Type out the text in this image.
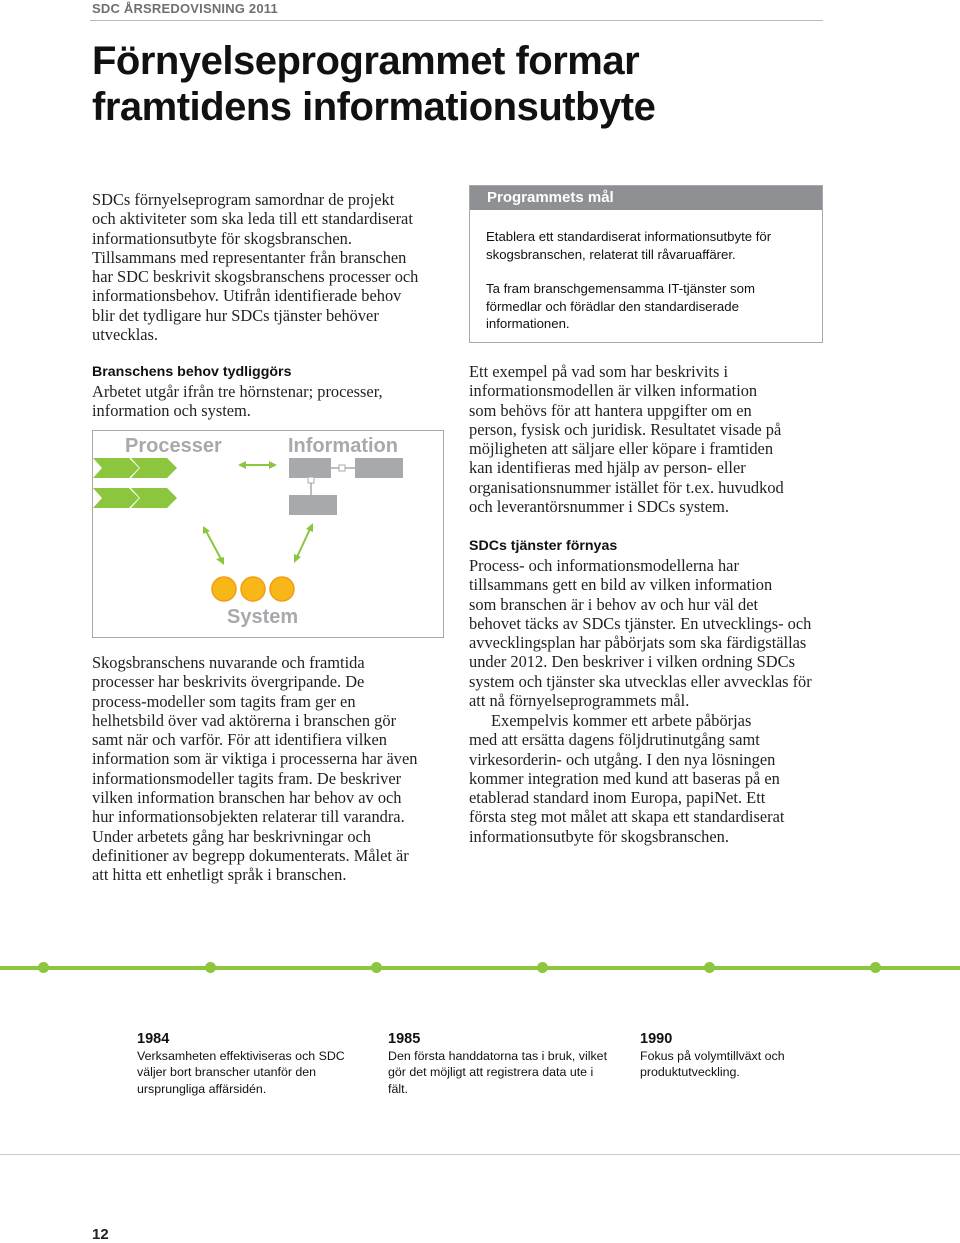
SDC ÅRSREDOVISNING 2011
Förnyelseprogrammet formar
framtidens informationsutbyte
SDCs förnyelseprogram samordnar de projekt
och aktiviteter som ska leda till ett standardiserat
informationsutbyte för skogsbranschen.
Tillsammans med representanter från branschen
har SDC beskrivit skogsbranschens processer och
informationsbehov. Utifrån identifierade behov
blir det tydligare hur SDCs tjänster behöver
utvecklas.
Branschens behov tydliggörs
Arbetet utgår ifrån tre hörnstenar; processer,
information och system.
Processer	Information
System
Skogsbranschens nuvarande och framtida
processer har beskrivits övergripande. De
process-modeller som tagits fram ger en
helhetsbild över vad aktörerna i branschen gör
samt när och varför. För att identifiera vilken
information som är viktiga i processerna har även
informationsmodeller tagits fram. De beskriver
vilken information branschen har behov av och
hur informationsobjekten relaterar till varandra.
Under arbetets gång har beskrivningar och
definitioner av begrepp dokumenterats. Målet är
att hitta ett enhetligt språk i branschen.
Programmets mål
Etablera ett standardiserat informationsutbyte för
skogsbranschen, relaterat till råvaruaffärer.
Ta fram branschgemensamma IT-tjänster som
förmedlar och förädlar den standardiserade
informationen.
Ett exempel på vad som har beskrivits i
informationsmodellen är vilken information
som behövs för att hantera uppgifter om en
person, fysisk och juridisk. Resultatet visade på
möjligheten att säljare eller köpare i framtiden
kan identifieras med hjälp av person- eller
organisationsnummer istället för t.ex. huvudkod
och leverantörsnummer i SDCs system.
SDCs tjänster förnyas
Process- och informationsmodellerna har
tillsammans gett en bild av vilken information
som branschen är i behov av och hur väl det
behovet täcks av SDCs tjänster. En utvecklings- och
avvecklingsplan har påbörjats som ska färdigställas
under 2012. Den beskriver i vilken ordning SDCs
system och tjänster ska utvecklas eller avvecklas för
att nå förnyelseprogrammets mål.
Exempelvis kommer ett arbete påbörjas
med att ersätta dagens följdrutinutgång samt
virkesorderin- och utgång. I den nya lösningen
kommer integration med kund att baseras på en
etablerad standard inom Europa, papiNet. Ett
första steg mot målet att skapa ett standardiserat
informationsutbyte för skogsbranschen.
1984
Verksamheten effektiviseras och SDC
väljer bort branscher utanför den
ursprungliga affärsidén.
1985
Den första handdatorna tas i bruk, vilket
gör det möjligt att registrera data ute i
fält.
1990
Fokus på volymtillväxt och
produktutveckling.
12
